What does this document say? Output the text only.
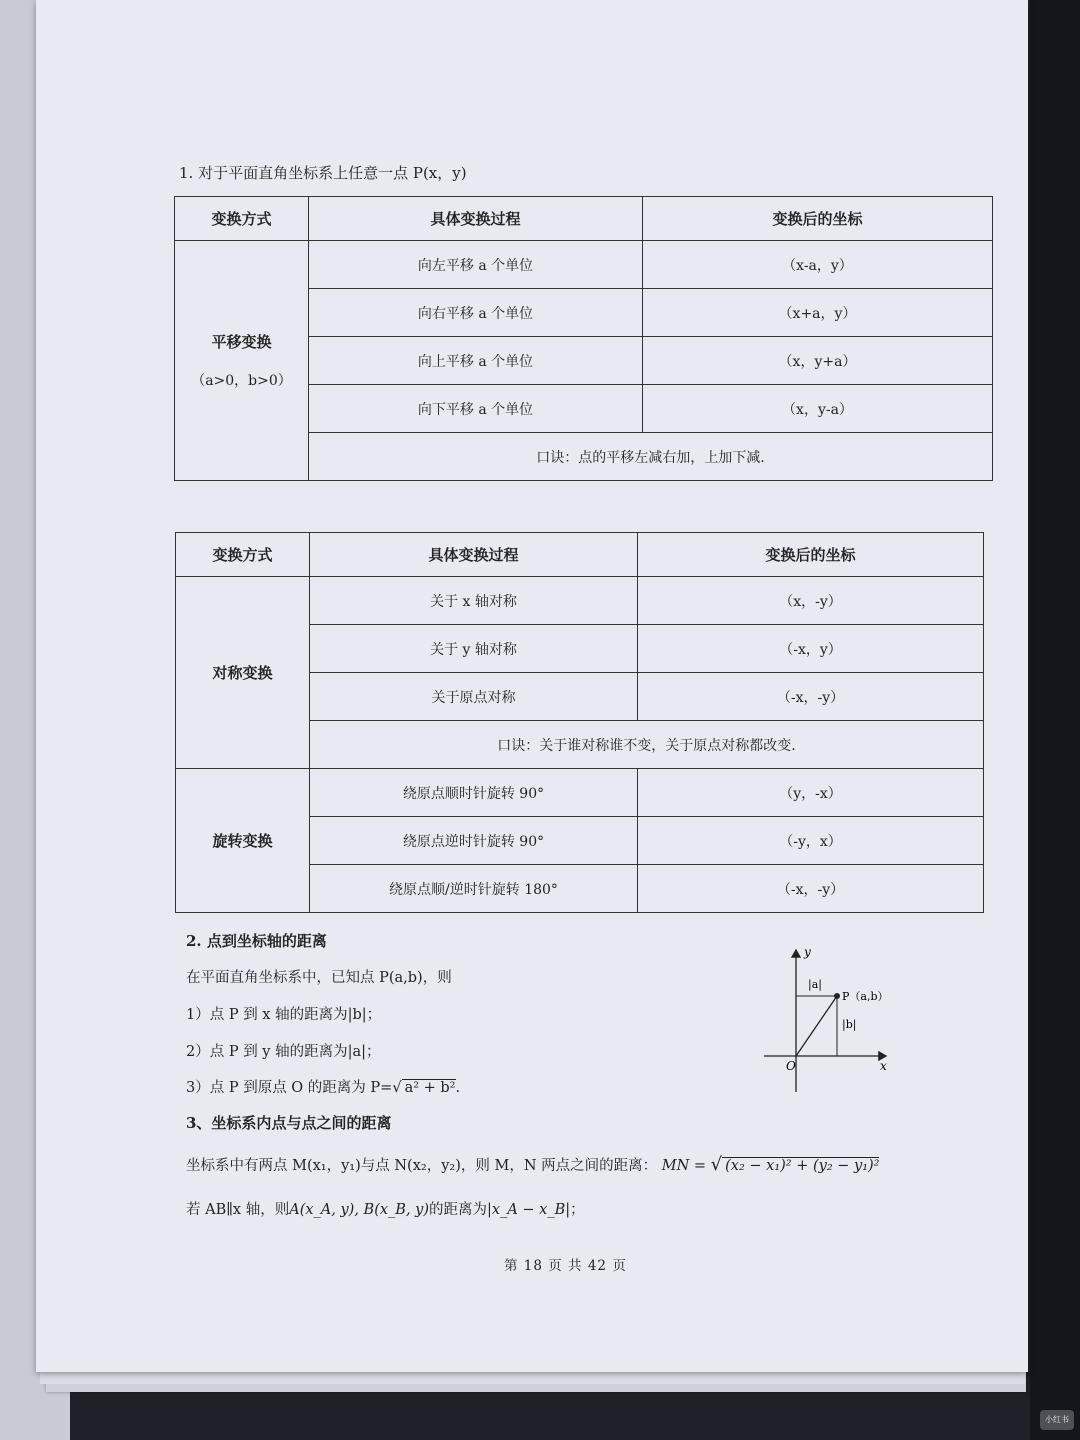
1. 对于平面直角坐标系上任意一点 P(x，y)
变换方式	具体变换过程	变换后的坐标
平移变换
（a>0，b>0）	向左平移 a 个单位	（x-a，y）
	向右平移 a 个单位	（x+a，y）
	向上平移 a 个单位	（x，y+a）
	向下平移 a 个单位	（x，y-a）
	口诀：点的平移左减右加，上加下减.	
变换方式	具体变换过程	变换后的坐标
对称变换	关于 x 轴对称	（x，-y）
	关于 y 轴对称	（-x，y）
	关于原点对称	（-x，-y）
	口诀：关于谁对称谁不变，关于原点对称都改变.	
旋转变换	绕原点顺时针旋转 90°	（y，-x）
	绕原点逆时针旋转 90°	（-y，x）
	绕原点顺/逆时针旋转 180°	（-x，-y）
2. 点到坐标轴的距离
在平面直角坐标系中，已知点 P(a,b)，则
1）点 P 到 x 轴的距离为|b|；
2）点 P 到 y 轴的距离为|a|；
3）点 P 到原点 O 的距离为 P=√ a² + b².
y
x
O
P（a,b）
|a|
|b|
3、坐标系内点与点之间的距离
坐标系中有两点 M(x₁，y₁)与点 N(x₂，y₂)，则 M，N 两点之间的距离： MN = √ (x₂ − x₁)² + (y₂ − y₁)²
若 AB∥x 轴，则A(x_A, y), B(x_B, y)的距离为|x_A − x_B|；
第 18 页 共 42 页
小红书
